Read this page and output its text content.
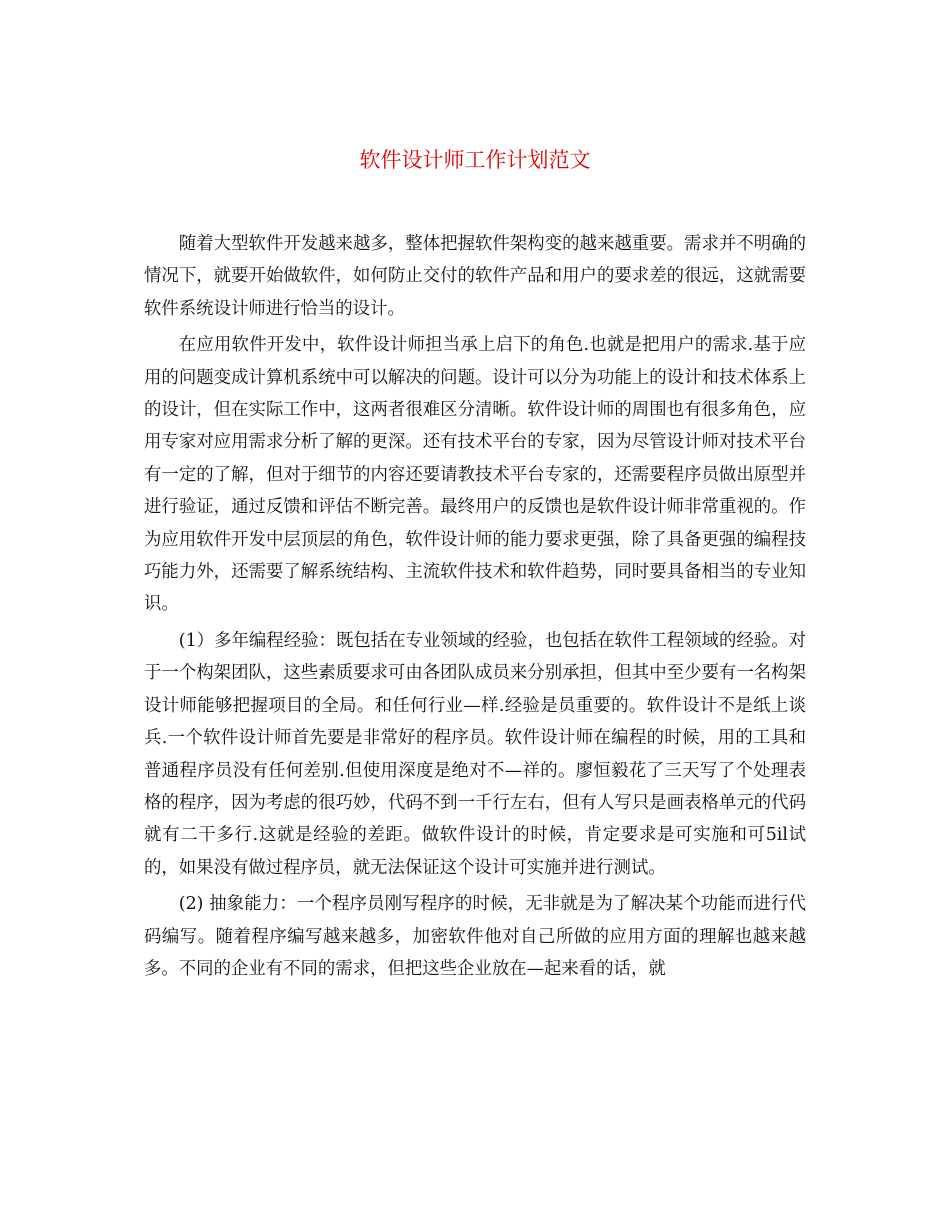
软件设计师工作计划范文

随着大型软件开发越来越多，整体把握软件架构变的越来越重要。需求并不明确的情况下，就要开始做软件，如何防止交付的软件产品和用户的要求差的很远，这就需要软件系统设计师进行恰当的设计。

在应用软件开发中，软件设计师担当承上启下的角色.也就是把用户的需求.基于应用的问题变成计算机系统中可以解决的问题。设计可以分为功能上的设计和技术体系上的设计，但在实际工作中，这两者很难区分清晰。软件设计师的周围也有很多角色，应用专家对应用需求分析了解的更深。还有技术平台的专家，因为尽管设计师对技术平台有一定的了解，但对于细节的内容还要请教技术平台专家的，还需要程序员做出原型并进行验证，通过反馈和评估不断完善。最终用户的反馈也是软件设计师非常重视的。作为应用软件开发中层顶层的角色，软件设计师的能力要求更强，除了具备更强的编程技巧能力外，还需要了解系统结构、主流软件技术和软件趋势，同时要具备相当的专业知识。

(1）多年编程经验：既包括在专业领域的经验，也包括在软件工程领域的经验。对于一个构架团队，这些素质要求可由各团队成员来分别承担，但其中至少要有一名构架设计师能够把握项目的全局。和任何行业—样.经验是员重要的。软件设计不是纸上谈兵.一个软件设计师首先要是非常好的程序员。软件设计师在编程的时候，用的工具和普通程序员没有任何差别.但使用深度是绝对不—祥的。廖恒毅花了三天写了个处理表格的程序，因为考虑的很巧妙，代码不到一千行左右，但有人写只是画表格单元的代码就有二干多行.这就是经验的差距。做软件设计的时候，肯定要求是可实施和可5il试的，如果没有做过程序员，就无法保证这个设计可实施并进行测试。

(2) 抽象能力：一个程序员刚写程序的时候，无非就是为了解决某个功能而进行代码编写。随着程序编写越来越多，加密软件他对自己所做的应用方面的理解也越来越多。不同的企业有不同的需求，但把这些企业放在—起来看的话，就
